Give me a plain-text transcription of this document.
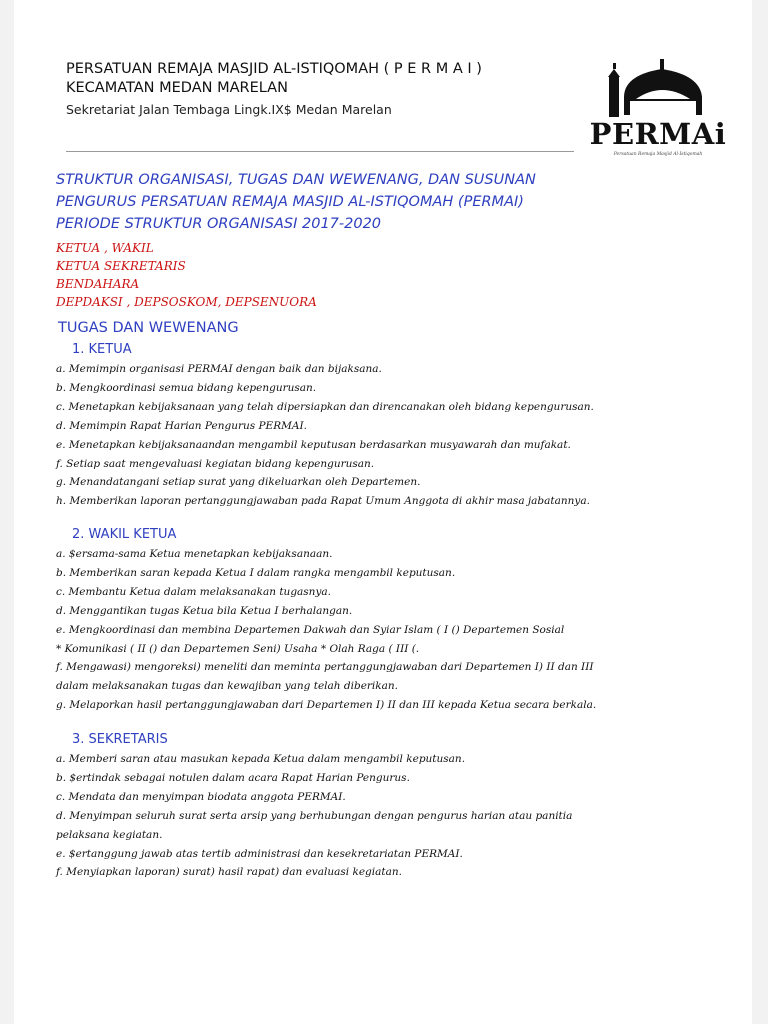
PERSATUAN REMAJA MASJID AL-ISTIQOMAH ( P E R M A I )
KECAMATAN MEDAN MARELAN
Sekretariat Jalan Tembaga Lingk.IX$ Medan Marelan
PERMAi
Persatuan Remaja Masjid Al-Istiqomah
STRUKTUR ORGANISASI, TUGAS DAN WEWENANG, DAN SUSUNAN
PENGURUS PERSATUAN REMAJA MASJID AL-ISTIQOMAH (PERMAI)
PERIODE STRUKTUR ORGANISASI 2017-2020
KETUA , WAKIL
KETUA SEKRETARIS
BENDAHARA
DEPDAKSI , DEPSOSKOM, DEPSENUORA
TUGAS DAN WEWENANG
1. KETUA
a. Memimpin organisasi PERMAI dengan baik dan bijaksana.
b. Mengkoordinasi semua bidang kepengurusan.
c. Menetapkan kebijaksanaan yang telah dipersiapkan dan direncanakan oleh bidang kepengurusan.
d. Memimpin Rapat Harian Pengurus PERMAI.
e. Menetapkan kebijaksanaandan mengambil keputusan berdasarkan musyawarah dan mufakat.
f. Setiap saat mengevaluasi kegiatan bidang kepengurusan.
g. Menandatangani setiap surat yang dikeluarkan oleh Departemen.
h. Memberikan laporan pertanggungjawaban pada Rapat Umum Anggota di akhir masa jabatannya.
2. WAKIL KETUA
a. $ersama-sama Ketua menetapkan kebijaksanaan.
b. Memberikan saran kepada Ketua I dalam rangka mengambil keputusan.
c. Membantu Ketua dalam melaksanakan tugasnya.
d. Menggantikan tugas Ketua bila Ketua I berhalangan.
e. Mengkoordinasi dan membina Departemen Dakwah dan Syiar Islam ( I () Departemen Sosial
* Komunikasi ( II () dan Departemen Seni) Usaha * Olah Raga ( III (.
f. Mengawasi) mengoreksi) meneliti dan meminta pertanggungjawaban dari Departemen I) II dan III
dalam melaksanakan tugas dan kewajiban yang telah diberikan.
g. Melaporkan hasil pertanggungjawaban dari Departemen I) II dan III kepada Ketua secara berkala.
3. SEKRETARIS
a. Memberi saran atau masukan kepada Ketua dalam mengambil keputusan.
b. $ertindak sebagai notulen dalam acara Rapat Harian Pengurus.
c. Mendata dan menyimpan biodata anggota PERMAI.
d. Menyimpan seluruh surat serta arsip yang berhubungan dengan pengurus harian atau panitia
pelaksana kegiatan.
e. $ertanggung jawab atas tertib administrasi dan kesekretariatan PERMAI.
f. Menyiapkan laporan) surat) hasil rapat) dan evaluasi kegiatan.
